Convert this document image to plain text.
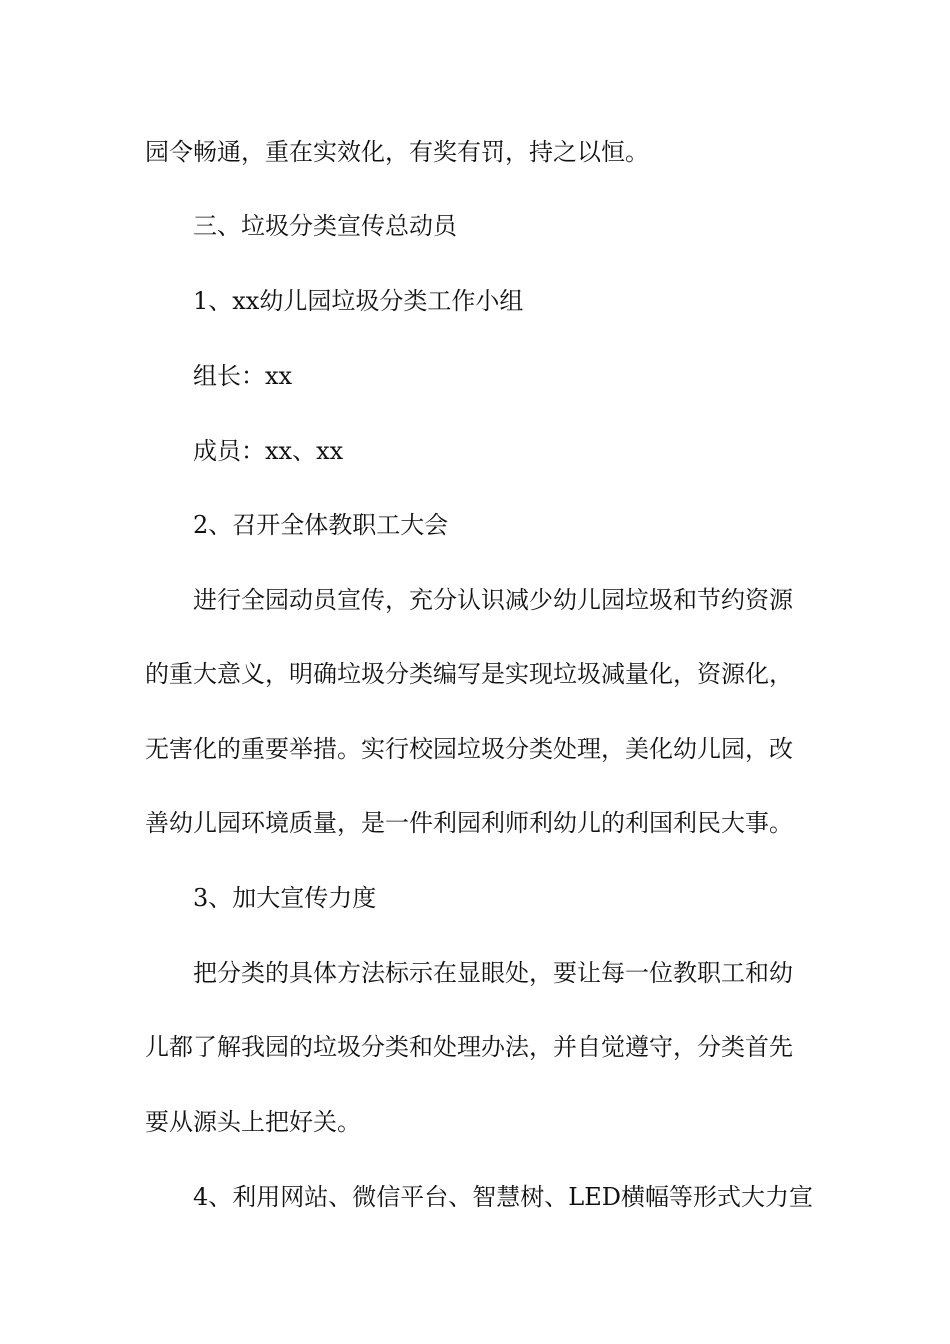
园令畅通，重在实效化，有奖有罚，持之以恒。
三、垃圾分类宣传总动员
1、xx幼儿园垃圾分类工作小组
组长：xx
成员：xx、xx
2、召开全体教职工大会
进行全园动员宣传，充分认识减少幼儿园垃圾和节约资源
的重大意义，明确垃圾分类编写是实现垃圾减量化，资源化，
无害化的重要举措。实行校园垃圾分类处理，美化幼儿园，改
善幼儿园环境质量，是一件利园利师利幼儿的利国利民大事。
3、加大宣传力度
把分类的具体方法标示在显眼处，要让每一位教职工和幼
儿都了解我园的垃圾分类和处理办法，并自觉遵守，分类首先
要从源头上把好关。
4、利用网站、微信平台、智慧树、LED横幅等形式大力宣
